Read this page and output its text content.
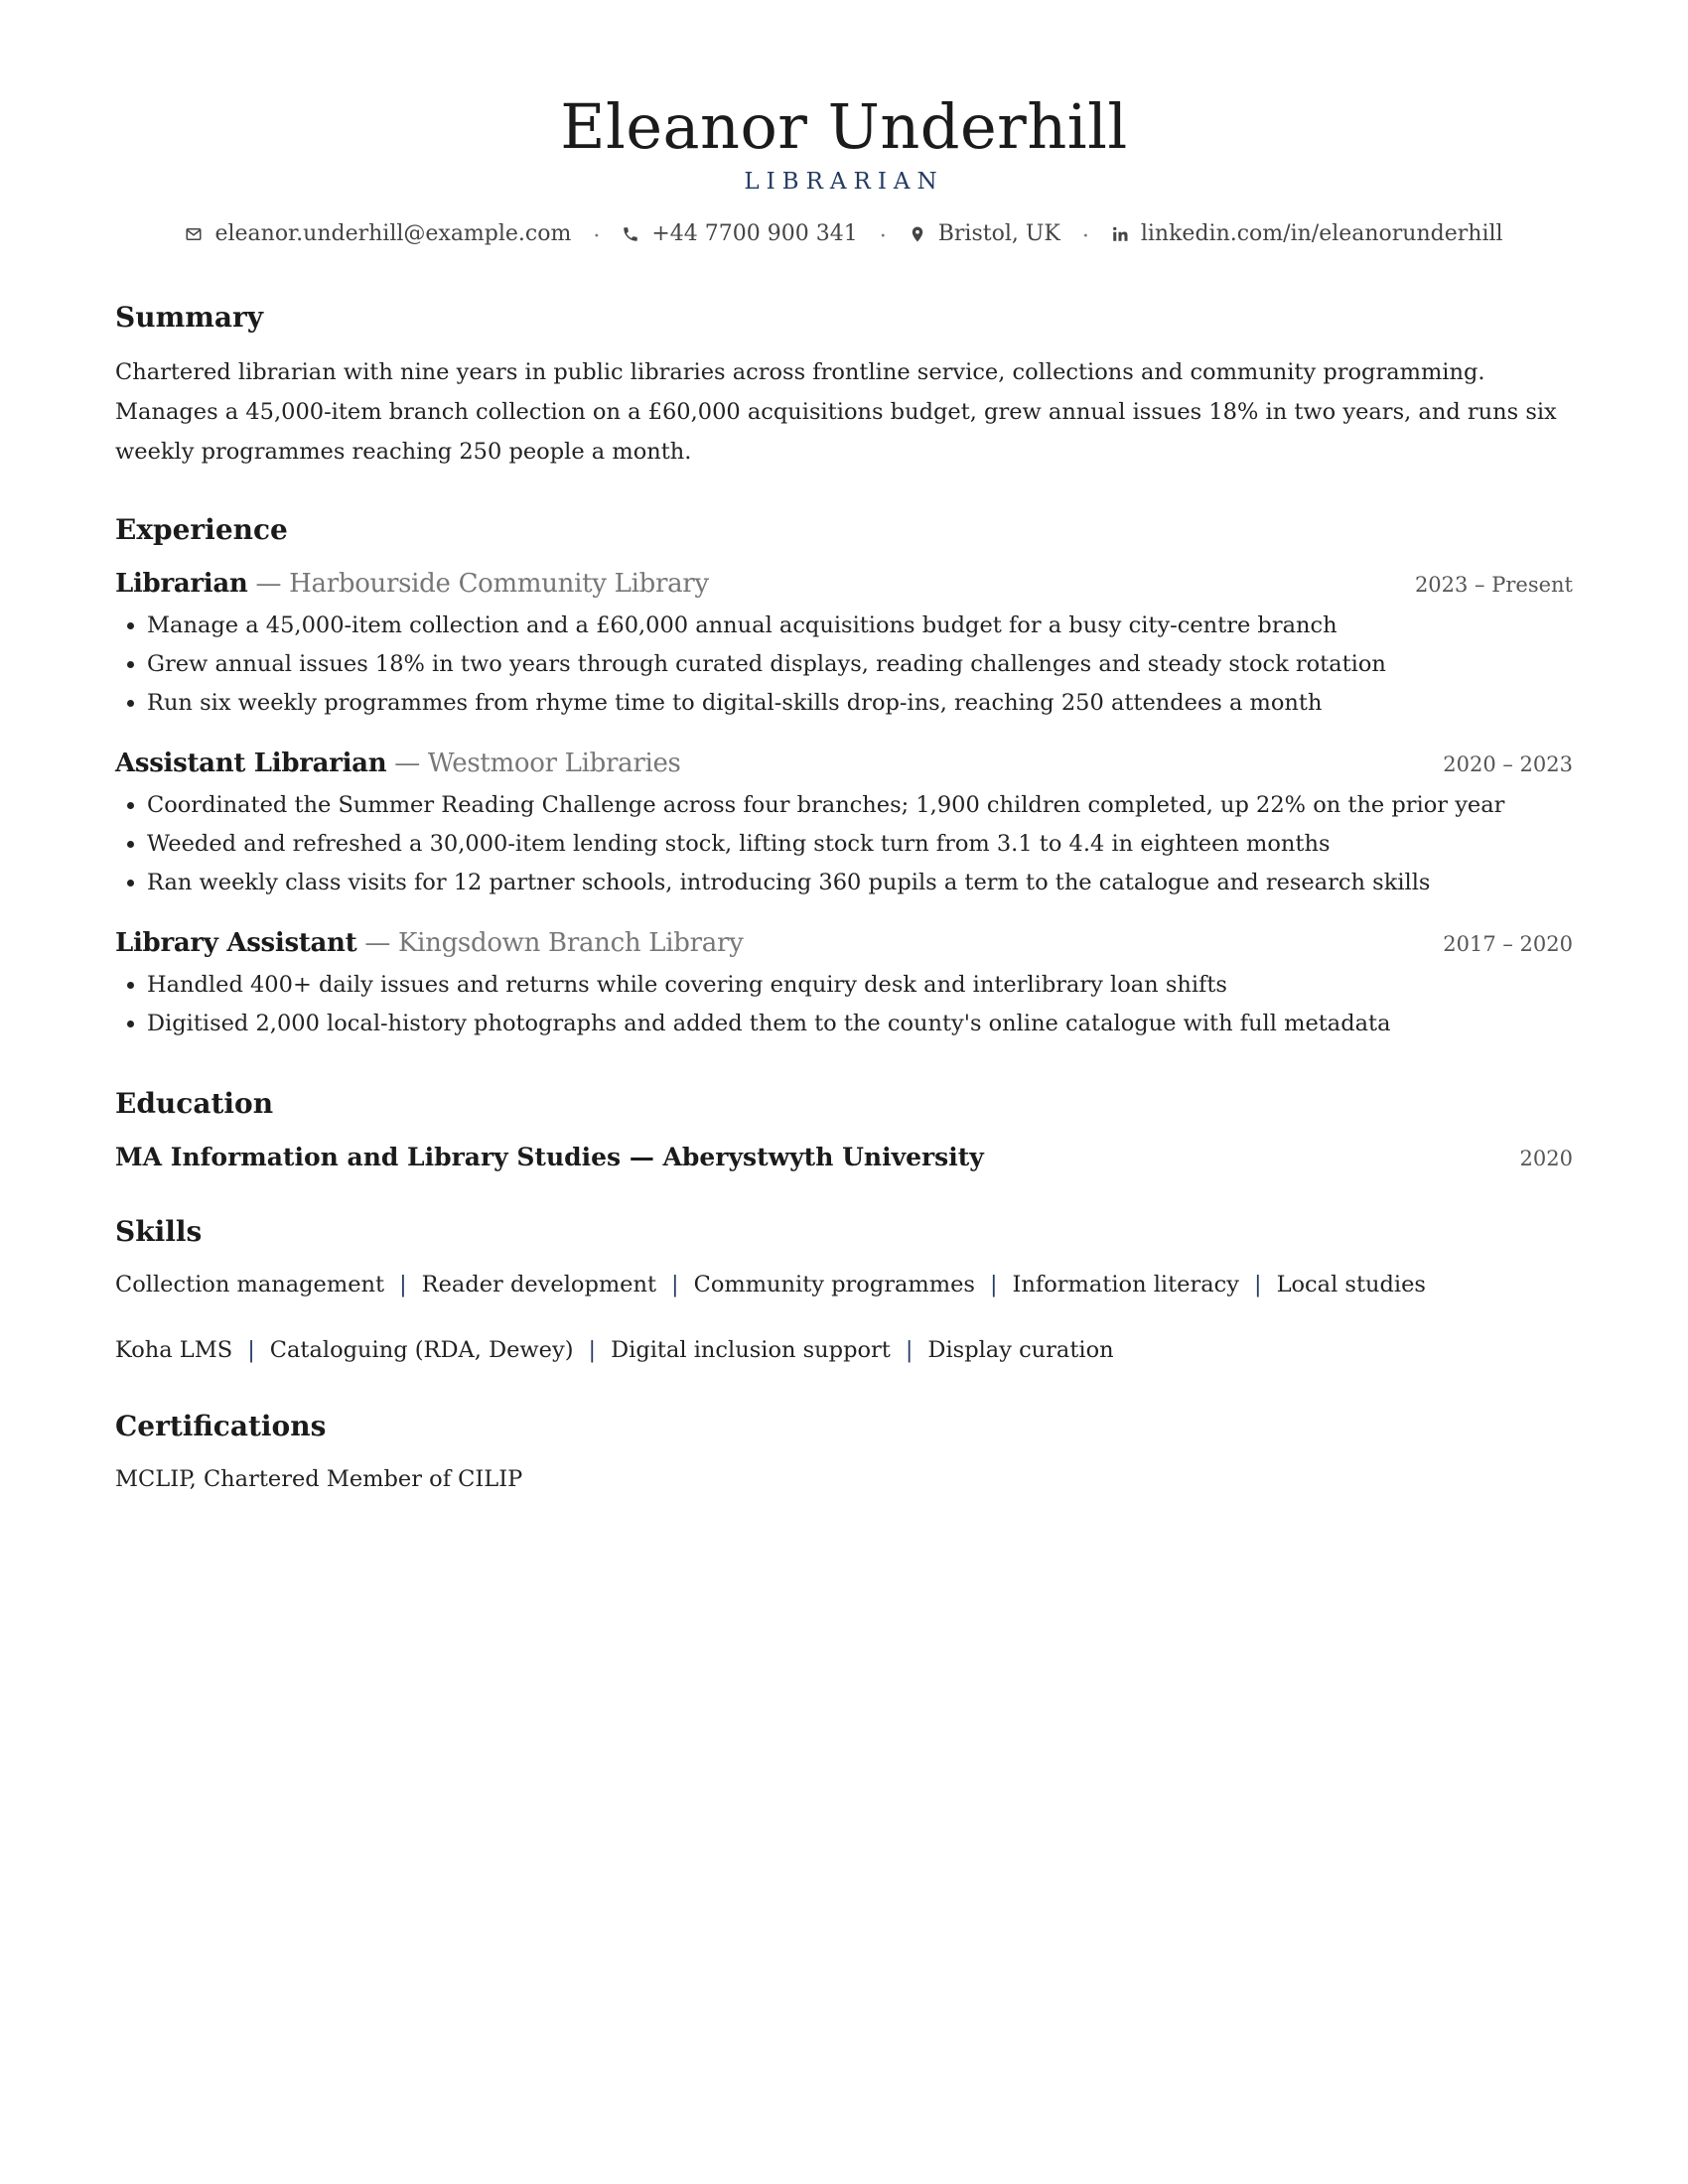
Eleanor Underhill
LIBRARIAN
eleanor.underhill@example.com · +44 7700 900 341 · Bristol, UK · linkedin.com/in/eleanorunderhill
Summary
Chartered librarian with nine years in public libraries across frontline service, collections and community programming. Manages a 45,000-item branch collection on a £60,000 acquisitions budget, grew annual issues 18% in two years, and runs six weekly programmes reaching 250 people a month.
Experience
Librarian — Harbourside Community Library	2023 – Present
• Manage a 45,000-item collection and a £60,000 annual acquisitions budget for a busy city-centre branch
• Grew annual issues 18% in two years through curated displays, reading challenges and steady stock rotation
• Run six weekly programmes from rhyme time to digital-skills drop-ins, reaching 250 attendees a month
Assistant Librarian — Westmoor Libraries	2020 – 2023
• Coordinated the Summer Reading Challenge across four branches; 1,900 children completed, up 22% on the prior year
• Weeded and refreshed a 30,000-item lending stock, lifting stock turn from 3.1 to 4.4 in eighteen months
• Ran weekly class visits for 12 partner schools, introducing 360 pupils a term to the catalogue and research skills
Library Assistant — Kingsdown Branch Library	2017 – 2020
• Handled 400+ daily issues and returns while covering enquiry desk and interlibrary loan shifts
• Digitised 2,000 local-history photographs and added them to the county's online catalogue with full metadata
Education
MA Information and Library Studies — Aberystwyth University	2020
Skills
Collection management | Reader development | Community programmes | Information literacy | Local studies
Koha LMS | Cataloguing (RDA, Dewey) | Digital inclusion support | Display curation
Certifications
MCLIP, Chartered Member of CILIP
